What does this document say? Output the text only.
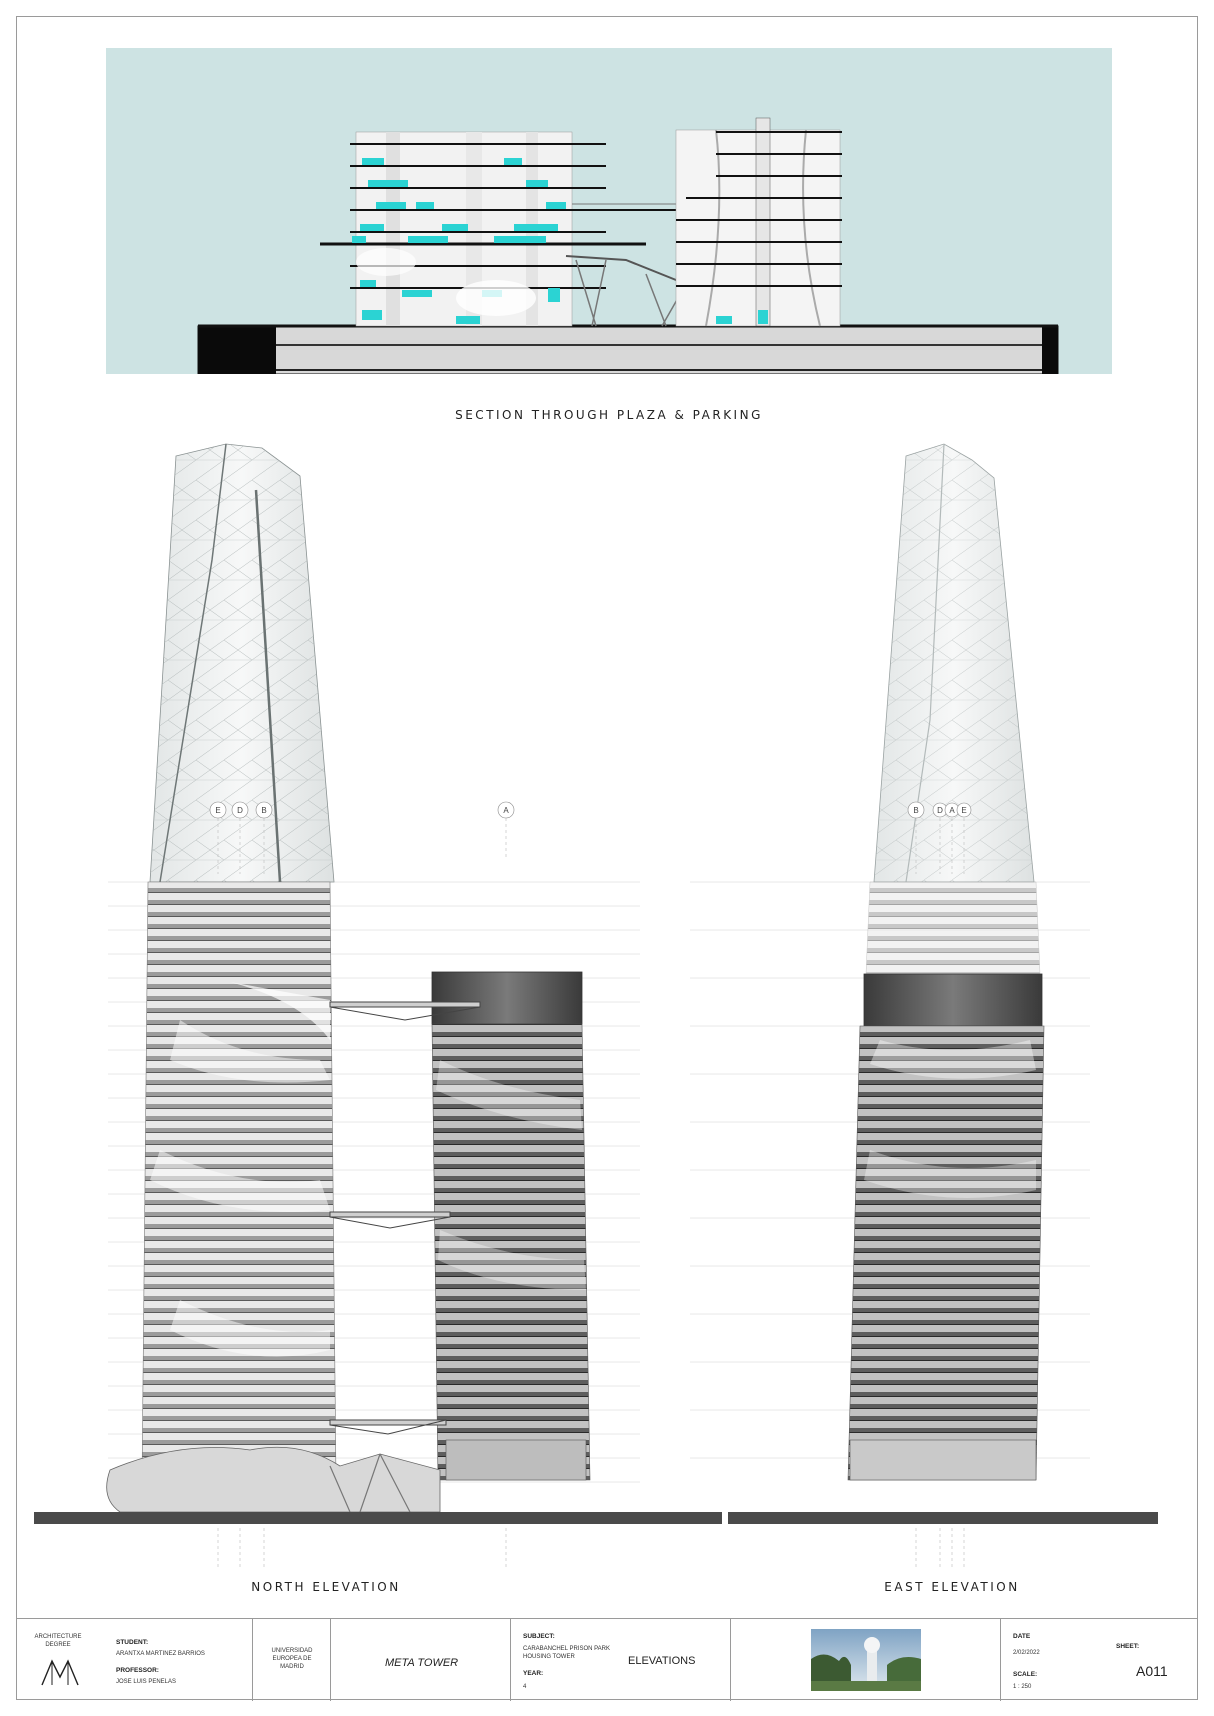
SECTION THROUGH PLAZA & PARKING
E D B	A	B D A E
NORTH ELEVATION	EAST ELEVATION
ARCHITECTURE DEGREE	STUDENT:
ARANTXA MARTINEZ BARRIOS
PROFESSOR:
JOSE LUIS PENELAS
UNIVERSIDAD EUROPEA DE MADRID	META TOWER
SUBJECT:
CARABANCHEL PRISON PARK HOUSING TOWER
YEAR:
4
ELEVATIONS
DATE
2/02/2022
SCALE:
1 : 250
SHEET:
A011
